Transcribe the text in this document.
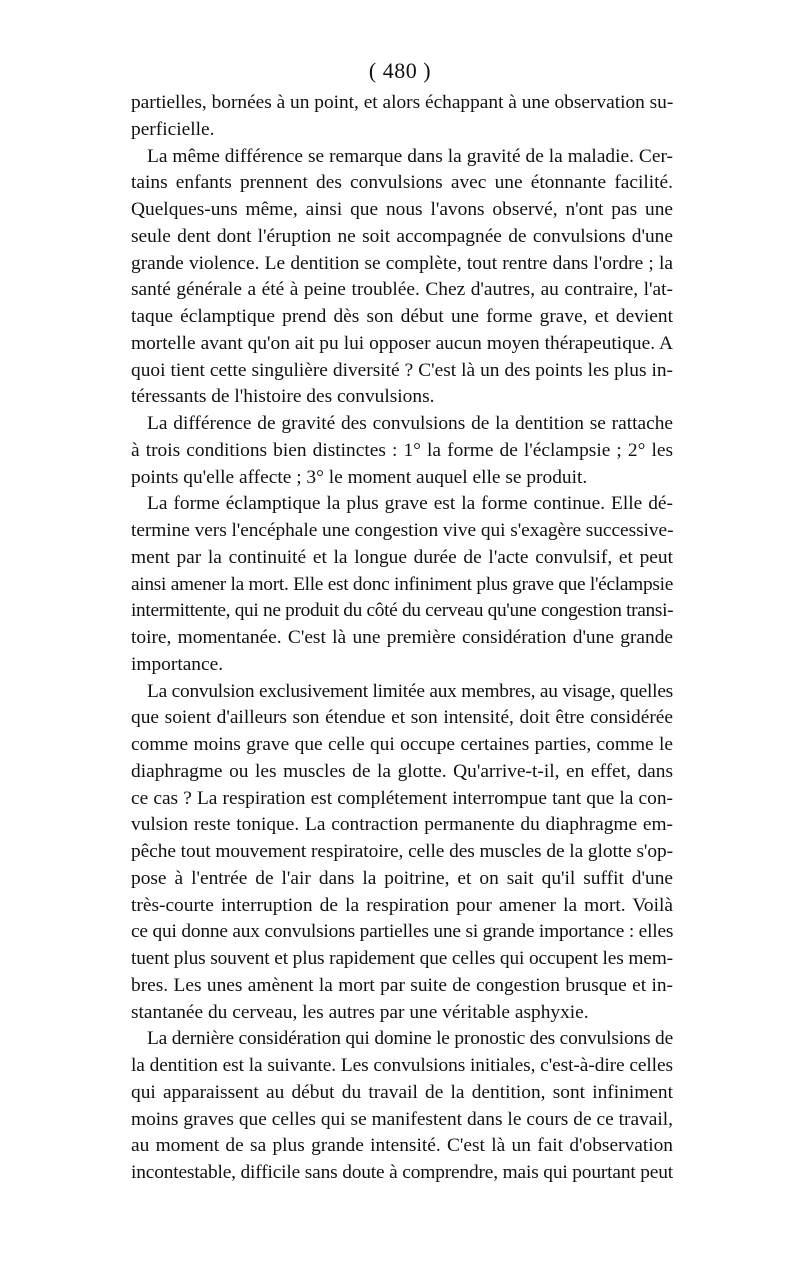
( 480 )
partielles, bornées à un point, et alors échappant à une observation su-
perficielle.
La même différence se remarque dans la gravité de la maladie. Cer-
tains enfants prennent des convulsions avec une étonnante facilité.
Quelques-uns même, ainsi que nous l'avons observé, n'ont pas une
seule dent dont l'éruption ne soit accompagnée de convulsions d'une
grande violence. Le dentition se complète, tout rentre dans l'ordre ; la
santé générale a été à peine troublée. Chez d'autres, au contraire, l'at-
taque éclamptique prend dès son début une forme grave, et devient
mortelle avant qu'on ait pu lui opposer aucun moyen thérapeutique. A
quoi tient cette singulière diversité ? C'est là un des points les plus in-
téressants de l'histoire des convulsions.
La différence de gravité des convulsions de la dentition se rattache
à trois conditions bien distinctes : 1° la forme de l'éclampsie ; 2° les
points qu'elle affecte ; 3° le moment auquel elle se produit.
La forme éclamptique la plus grave est la forme continue. Elle dé-
termine vers l'encéphale une congestion vive qui s'exagère successive-
ment par la continuité et la longue durée de l'acte convulsif, et peut
ainsi amener la mort. Elle est donc infiniment plus grave que l'éclampsie
intermittente, qui ne produit du côté du cerveau qu'une congestion transi-
toire, momentanée. C'est là une première considération d'une grande
importance.
La convulsion exclusivement limitée aux membres, au visage, quelles
que soient d'ailleurs son étendue et son intensité, doit être considérée
comme moins grave que celle qui occupe certaines parties, comme le
diaphragme ou les muscles de la glotte. Qu'arrive-t-il, en effet, dans
ce cas ? La respiration est complétement interrompue tant que la con-
vulsion reste tonique. La contraction permanente du diaphragme em-
pêche tout mouvement respiratoire, celle des muscles de la glotte s'op-
pose à l'entrée de l'air dans la poitrine, et on sait qu'il suffit d'une
très-courte interruption de la respiration pour amener la mort. Voilà
ce qui donne aux convulsions partielles une si grande importance : elles
tuent plus souvent et plus rapidement que celles qui occupent les mem-
bres. Les unes amènent la mort par suite de congestion brusque et in-
stantanée du cerveau, les autres par une véritable asphyxie.
La dernière considération qui domine le pronostic des convulsions de
la dentition est la suivante. Les convulsions initiales, c'est-à-dire celles
qui apparaissent au début du travail de la dentition, sont infiniment
moins graves que celles qui se manifestent dans le cours de ce travail,
au moment de sa plus grande intensité. C'est là un fait d'observation
incontestable, difficile sans doute à comprendre, mais qui pourtant peut
